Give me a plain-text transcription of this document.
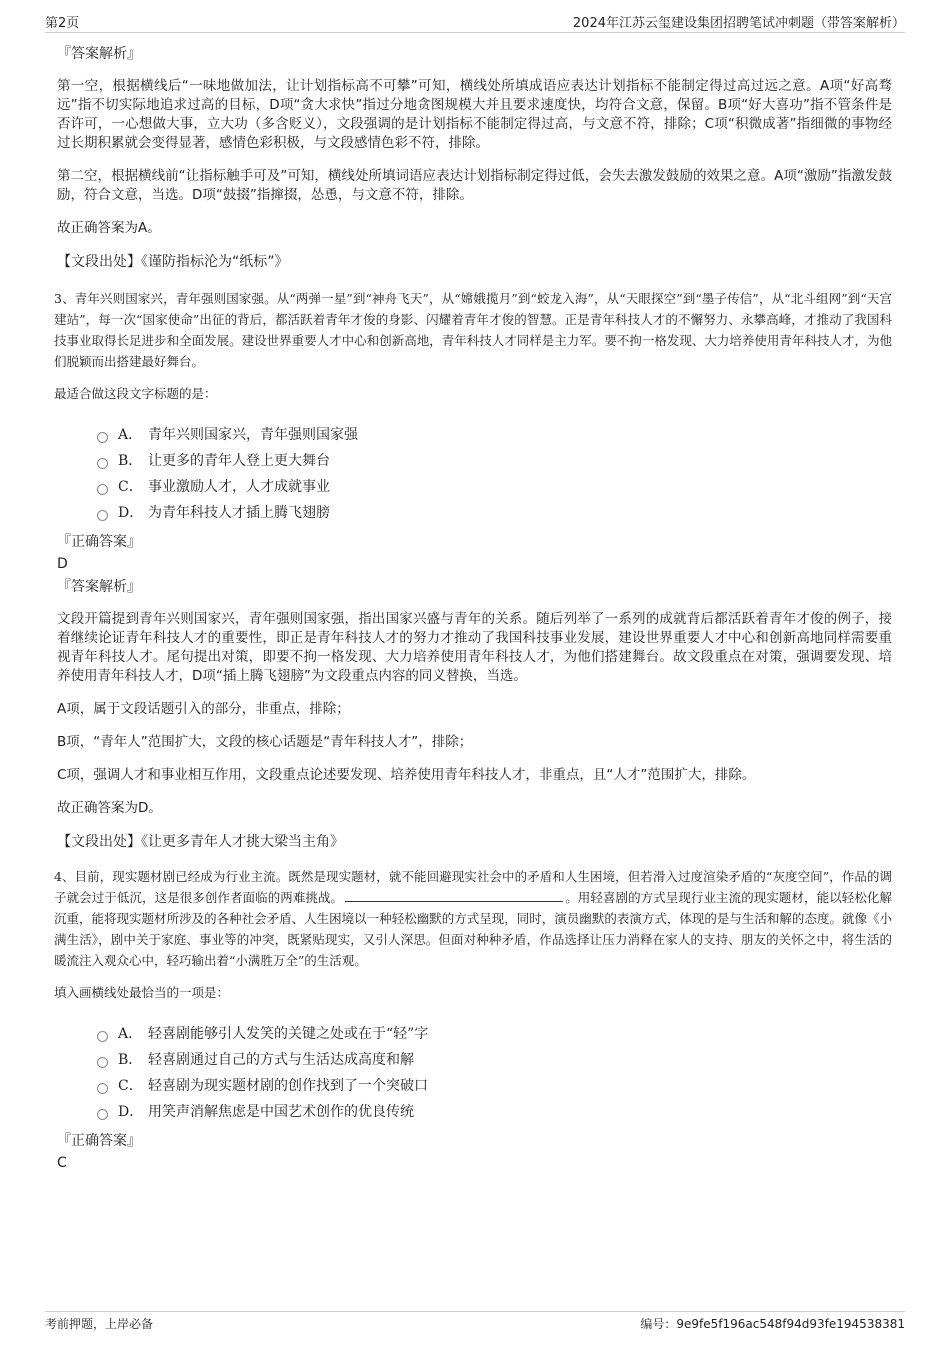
第2页	2024年江苏云玺建设集团招聘笔试冲刺题（带答案解析）
『答案解析』

第一空，根据横线后“一味地做加法，让计划指标高不可攀”可知，横线处所填成语应表达计划指标不能制定得过高过远之意。A项“好高骛远”指不切实际地追求过高的目标，D项“贪大求快”指过分地贪图规模大并且要求速度快，均符合文意，保留。B项“好大喜功”指不管条件是否许可，一心想做大事，立大功（多含贬义），文段强调的是计划指标不能制定得过高，与文意不符，排除；C项“积微成著”指细微的事物经过长期积累就会变得显著，感情色彩积极，与文段感情色彩不符，排除。

第二空，根据横线前“让指标触手可及”可知，横线处所填词语应表达计划指标制定得过低，会失去激发鼓励的效果之意。A项“激励”指激发鼓励，符合文意，当选。D项“鼓掇”指撺掇，怂恿，与文意不符，排除。

故正确答案为A。

【文段出处】《谨防指标沦为“纸标”》

3、青年兴则国家兴，青年强则国家强。从“两弹一星”到“神舟飞天”，从“嫦娥揽月”到“蛟龙入海”，从“天眼探空”到“墨子传信”，从“北斗组网”到“天宫建站”，每一次“国家使命”出征的背后，都活跃着青年才俊的身影、闪耀着青年才俊的智慧。正是青年科技人才的不懈努力、永攀高峰，才推动了我国科技事业取得长足进步和全面发展。建设世界重要人才中心和创新高地，青年科技人才同样是主力军。要不拘一格发现、大力培养使用青年科技人才，为他们脱颖而出搭建最好舞台。

最适合做这段文字标题的是：

A． 青年兴则国家兴，青年强则国家强
B． 让更多的青年人登上更大舞台
C． 事业激励人才，人才成就事业
D． 为青年科技人才插上腾飞翅膀
『正确答案』
D
『答案解析』

文段开篇提到青年兴则国家兴，青年强则国家强，指出国家兴盛与青年的关系。随后列举了一系列的成就背后都活跃着青年才俊的例子，接着继续论证青年科技人才的重要性，即正是青年科技人才的努力才推动了我国科技事业发展，建设世界重要人才中心和创新高地同样需要重视青年科技人才。尾句提出对策，即要不拘一格发现、大力培养使用青年科技人才，为他们搭建舞台。故文段重点在对策，强调要发现、培养使用青年科技人才，D项“插上腾飞翅膀”为文段重点内容的同义替换，当选。

A项，属于文段话题引入的部分，非重点，排除；

B项，“青年人”范围扩大，文段的核心话题是“青年科技人才”，排除；

C项，强调人才和事业相互作用，文段重点论述要发现、培养使用青年科技人才，非重点，且“人才”范围扩大，排除。

故正确答案为D。

【文段出处】《让更多青年人才挑大梁当主角》

4、目前，现实题材剧已经成为行业主流。既然是现实题材，就不能回避现实社会中的矛盾和人生困境，但若滑入过度渲染矛盾的“灰度空间”，作品的调子就会过于低沉，这是很多创作者面临的两难挑战。	。用轻喜剧的方式呈现行业主流的现实题材，能以轻松化解沉重，能将现实题材所涉及的各种社会矛盾、人生困境以一种轻松幽默的方式呈现，同时，演员幽默的表演方式，体现的是与生活和解的态度。就像《小满生活》，剧中关于家庭、事业等的冲突，既紧贴现实，又引人深思。但面对种种矛盾，作品选择让压力消释在家人的支持、朋友的关怀之中，将生活的暖流注入观众心中，轻巧输出着“小满胜万全”的生活观。

填入画横线处最恰当的一项是：

A． 轻喜剧能够引人发笑的关键之处或在于“轻”字
B． 轻喜剧通过自己的方式与生活达成高度和解
C． 轻喜剧为现实题材剧的创作找到了一个突破口
D． 用笑声消解焦虑是中国艺术创作的优良传统
『正确答案』
C
考前押题，上岸必备	编号：9e9fe5f196ac548f94d93fe194538381
